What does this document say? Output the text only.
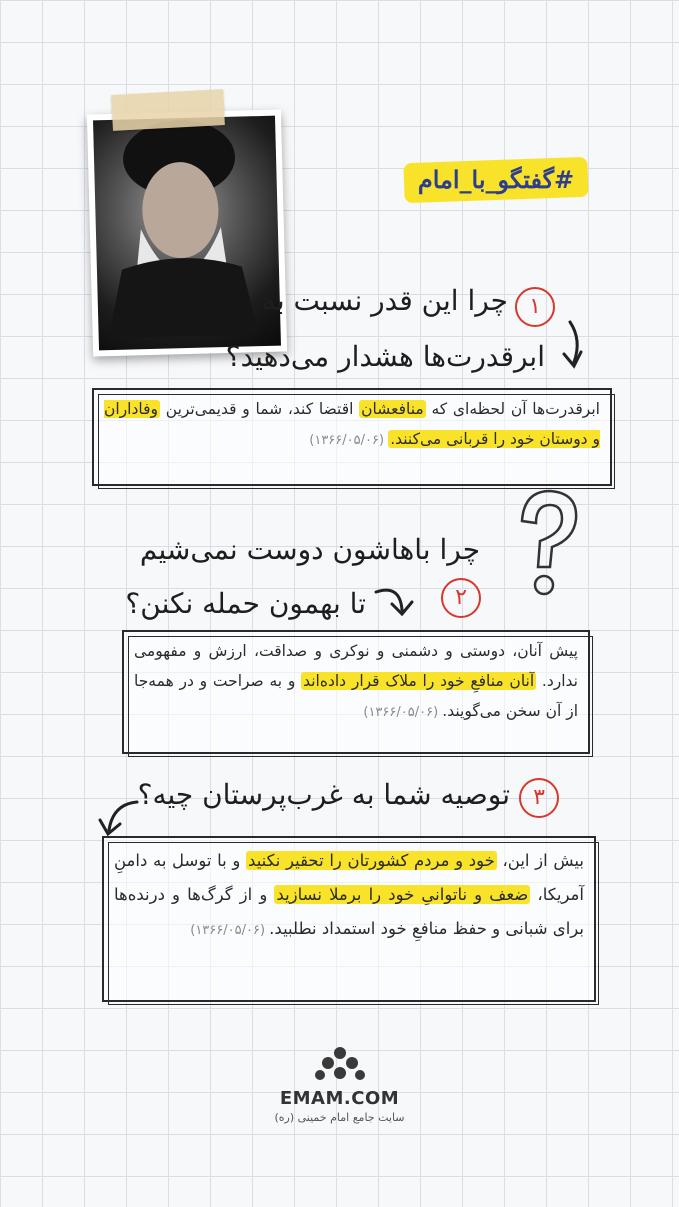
#گفتگو_با_امام
۱
چرا این قدر نسبت به
ابرقدرت‌ها هشدار می‌دهید؟
ابرقدرت‌ها آن لحظه‌ای که منافعشان اقتضا کند، شما و قدیمی‌ترین وفاداران و دوستان خود را قربانی می‌کنند. (۱۳۶۶/۰۵/۰۶)
چرا باهاشون دوست نمی‌شیم
۲
تا بهمون حمله نکنن؟
پیش آنان، دوستی و دشمنی و نوکری و صداقت، ارزش و مفهومی ندارد. آنان منافعِ خود را ملاک قرار داده‌اند و به صراحت و در همه‌جا از آن سخن می‌گویند. (۱۳۶۶/۰۵/۰۶)
۳
توصیه شما به غرب‌پرستان چیه؟
بیش از این، خود و مردم کشورتان را تحقیر نکنید و با توسل به دامنِ آمریکا، ضعف و ناتوانیِ خود را برملا نسازید و از گرگ‌ها و درنده‌ها برای شبانی و حفظ منافعِ خود استمداد نطلبید. (۱۳۶۶/۰۵/۰۶)
EMAM.COM
سایت جامع امام خمینی (ره)
